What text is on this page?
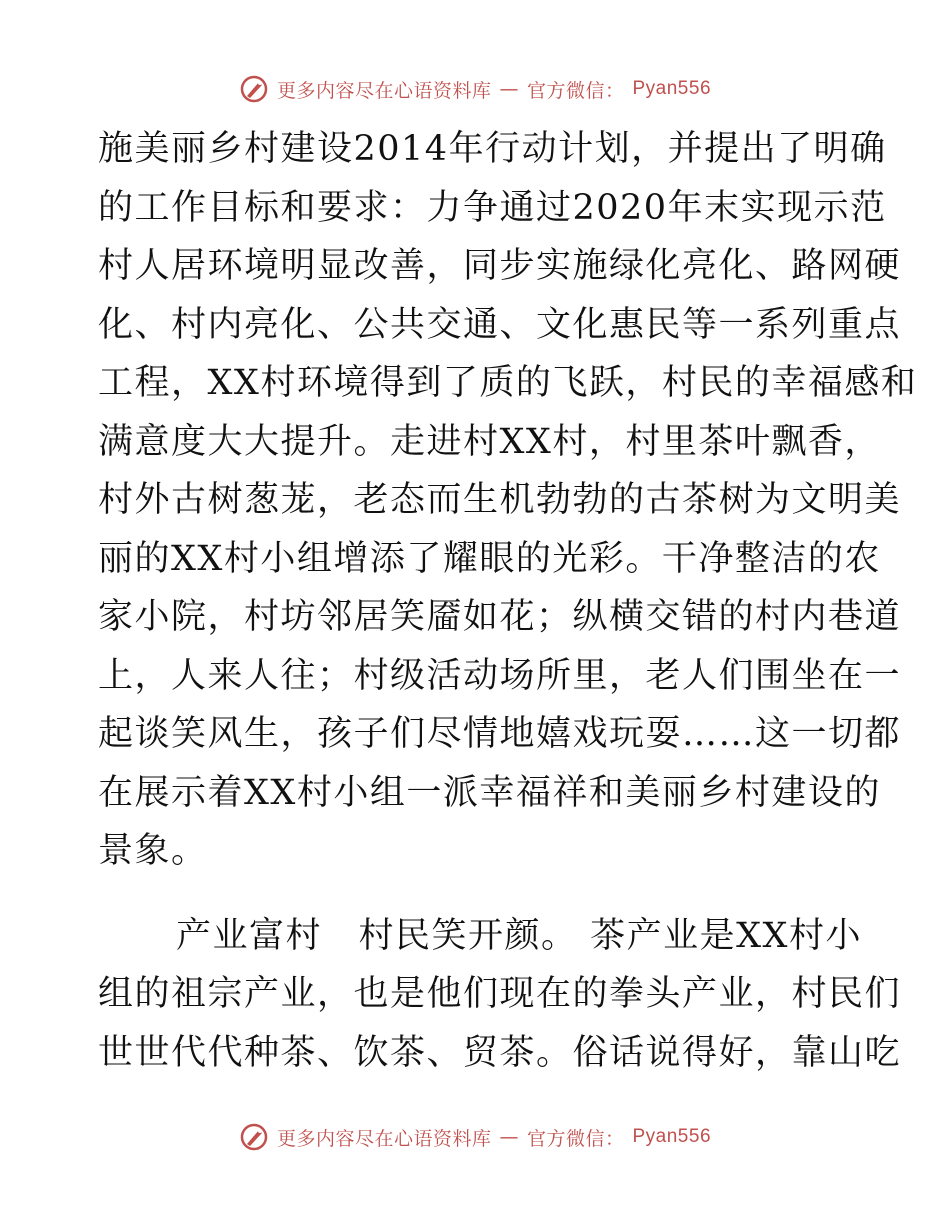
更多内容尽在心语资料库 — 官方微信： Pyan556

施美丽乡村建设2014年行动计划，并提出了明确
的工作目标和要求：力争通过2020年末实现示范
村人居环境明显改善，同步实施绿化亮化、路网硬
化、村内亮化、公共交通、文化惠民等一系列重点
工程，XX村环境得到了质的飞跃，村民的幸福感和
满意度大大提升。走进村XX村，村里茶叶飘香，
村外古树葱茏，老态而生机勃勃的古茶树为文明美
丽的XX村小组增添了耀眼的光彩。干净整洁的农
家小院，村坊邻居笑靥如花；纵横交错的村内巷道
上，人来人往；村级活动场所里，老人们围坐在一
起谈笑风生，孩子们尽情地嬉戏玩耍……这一切都
在展示着XX村小组一派幸福祥和美丽乡村建设的
景象。

产业富村　村民笑开颜。 茶产业是XX村小
组的祖宗产业，也是他们现在的拳头产业，村民们
世世代代种茶、饮茶、贸茶。俗话说得好，靠山吃

更多内容尽在心语资料库 — 官方微信： Pyan556
